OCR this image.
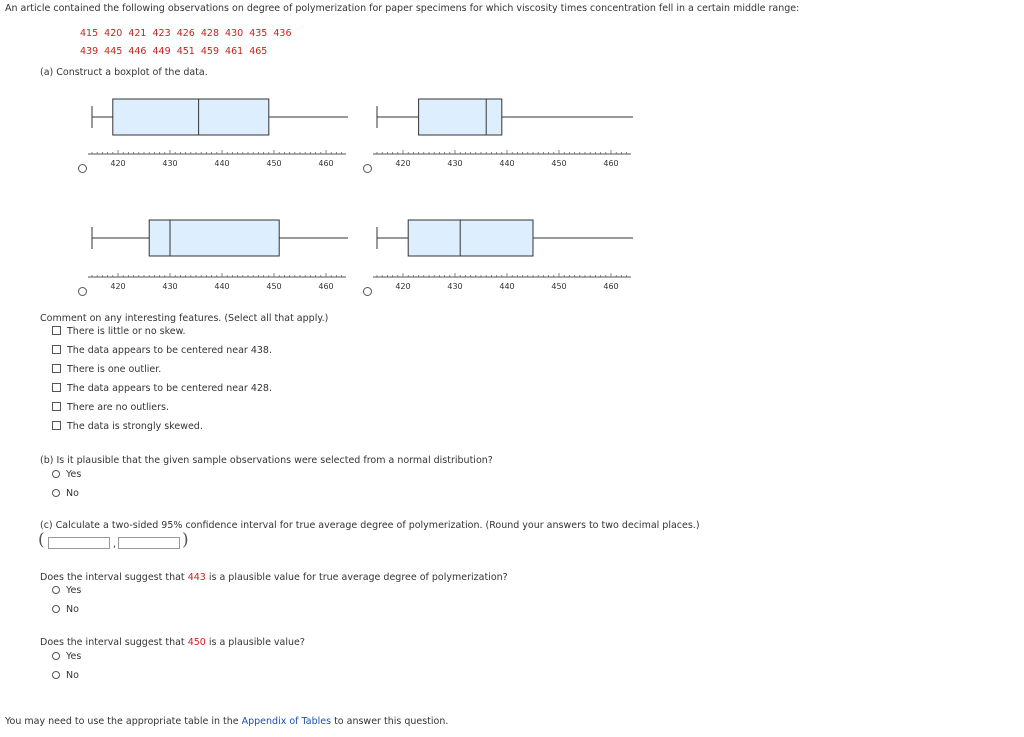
An article contained the following observations on degree of polymerization for paper specimens for which viscosity times concentration fell in a certain middle range:
415  420  421  423  426  428  430  435  436
439  445  446  449  451  459  461  465
(a) Construct a boxplot of the data.
420	430	440	450	460	420	430	440	450	460
420	430	440	450	460	420	430	440	450	460
Comment on any interesting features. (Select all that apply.)
There is little or no skew.
The data appears to be centered near 438.
There is one outlier.
The data appears to be centered near 428.
There are no outliers.
The data is strongly skewed.
(b) Is it plausible that the given sample observations were selected from a normal distribution?
Yes
No
(c) Calculate a two-sided 95% confidence interval for true average degree of polymerization. (Round your answers to two decimal places.)
(	,	)
Does the interval suggest that 443 is a plausible value for true average degree of polymerization?
Yes
No
Does the interval suggest that 450 is a plausible value?
Yes
No
You may need to use the appropriate table in the Appendix of Tables to answer this question.
